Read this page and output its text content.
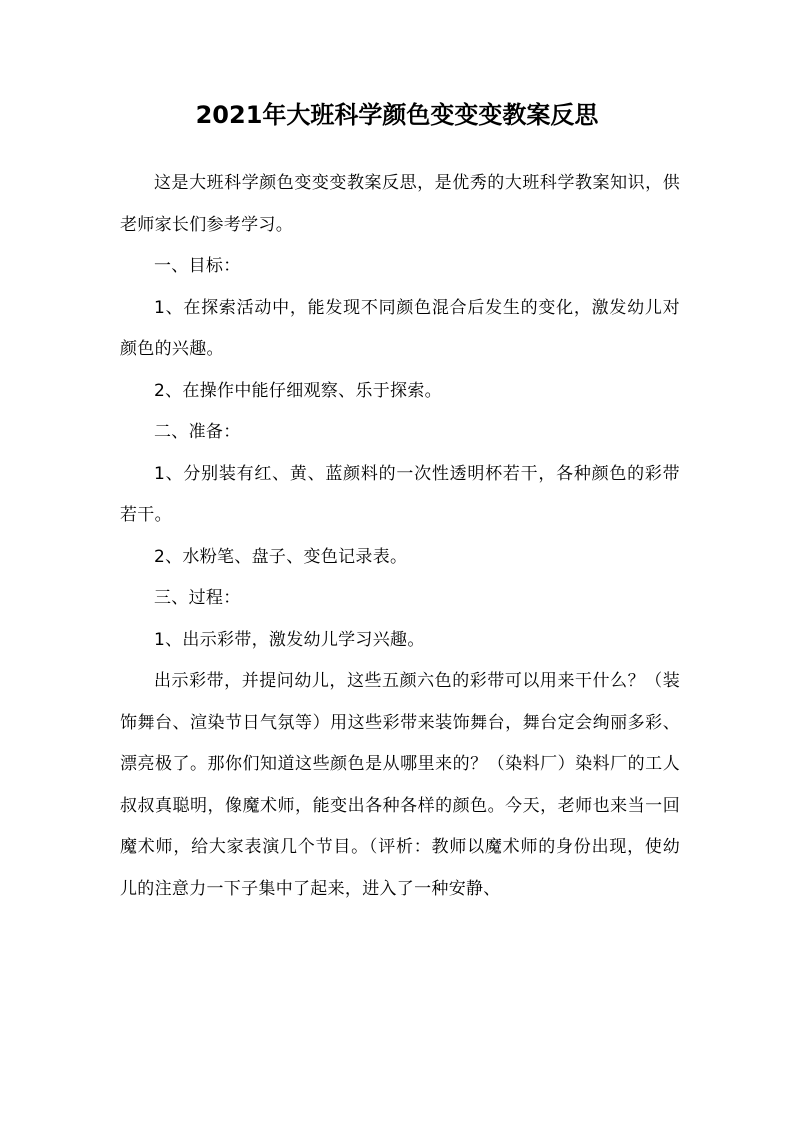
2021年大班科学颜色变变变教案反思

这是大班科学颜色变变变教案反思，是优秀的大班科学教案知识，供老师家长们参考学习。

一、目标：

1、在探索活动中，能发现不同颜色混合后发生的变化，激发幼儿对颜色的兴趣。

2、在操作中能仔细观察、乐于探索。

二、准备：

1、分别装有红、黄、蓝颜料的一次性透明杯若干，各种颜色的彩带若干。

2、水粉笔、盘子、变色记录表。

三、过程：

1、出示彩带，激发幼儿学习兴趣。

出示彩带，并提问幼儿，这些五颜六色的彩带可以用来干什么？（装饰舞台、渲染节日气氛等）用这些彩带来装饰舞台，舞台定会绚丽多彩、漂亮极了。那你们知道这些颜色是从哪里来的？（染料厂）染料厂的工人叔叔真聪明，像魔术师，能变出各种各样的颜色。今天，老师也来当一回魔术师，给大家表演几个节目。（评析：教师以魔术师的身份出现，使幼儿的注意力一下子集中了起来，进入了一种安静、
